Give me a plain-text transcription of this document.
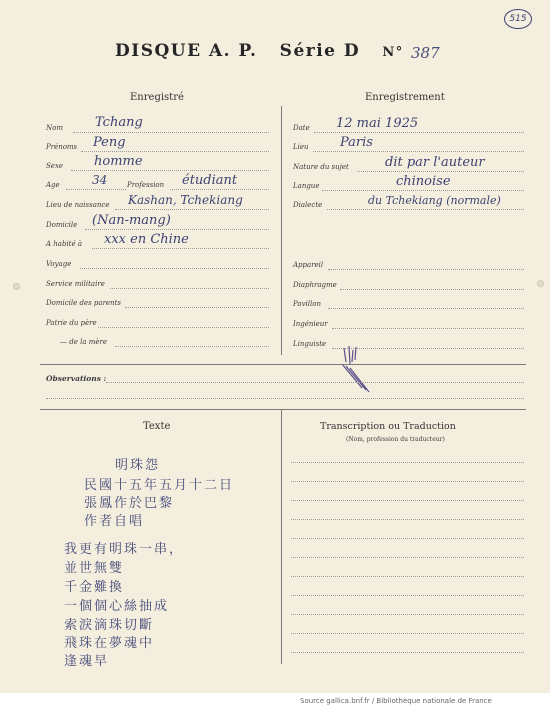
515
DISQUE A. P. Série D N° 387
Enregistré	Enregistrement
Nom Tchang
Prénoms Peng
Sexe homme
Age	34	Profession étudiant
Lieu de naissance Kashan, Tchekiang
Domicile (Nan-mang)
A habité à xxx en Chine
Voyage
Service militaire
Domicile des parents
Patrie du père
— de la mère
Date 12 mai 1925
Lieu Paris
Nature du sujet	dit par l'auteur
Langue	chinoise
Dialecte	du Tchekiang (normale)
Appareil
Diaphragme
Pavillon
Ingénieur
Linguiste
Observations :
Texte
明珠怨
民國十五年五月十二日
張鳳作於巴黎
作者自唱
我更有明珠一串，
並世無雙
千金難換
一個個心絲抽成
索淚滴珠切斷
飛珠在夢魂中
逢魂早
Transcription ou Traduction
(Nom, profession du traducteur)
Source gallica.bnf.fr / Bibliothèque nationale de France
